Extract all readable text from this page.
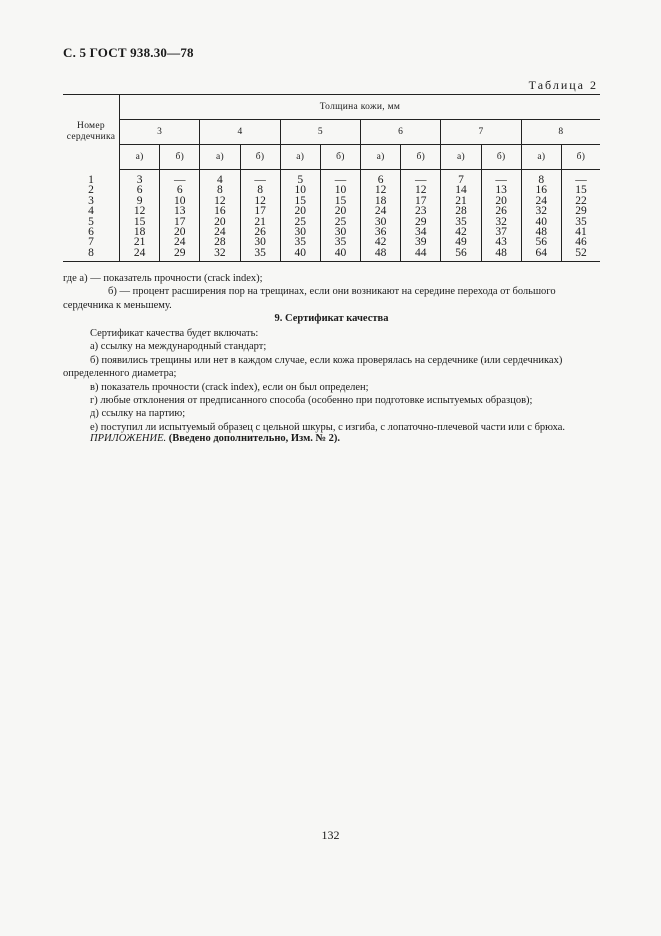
С. 5 ГОСТ 938.30—78
Таблица 2
Номер сердечника	Толщина кожи, мм											
	3		4		5		6		7		8	
	а)	б)	а)	б)	а)	б)	а)	б)	а)	б)	а)	б)
1	3	—	4	—	5	—	6	—	7	—	8	—
2	6	6	8	8	10	10	12	12	14	13	16	15
3	9	10	12	12	15	15	18	17	21	20	24	22
4	12	13	16	17	20	20	24	23	28	26	32	29
5	15	17	20	21	25	25	30	29	35	32	40	35
6	18	20	24	26	30	30	36	34	42	37	48	41
7	21	24	28	30	35	35	42	39	49	43	56	46
8	24	29	32	35	40	40	48	44	56	48	64	52

где а) — показатель прочности (crack index);

б) — процент расширения пор на трещинах, если они возникают на середине перехода от большого сердечника к меньшему.

9. Сертификат качества

Сертификат качества будет включать:

а) ссылку на международный стандарт;

б) появились трещины или нет в каждом случае, если кожа проверялась на сердечнике (или сердечниках) определенного диаметра;

в) показатель прочности (crack index), если он был определен;

г) любые отклонения от предписанного способа (особенно при подготовке испытуемых образцов);

д) ссылку на партию;

е) поступил ли испытуемый образец с цельной шкуры, с изгиба, с лопаточно-плечевой части или с брюха.

ПРИЛОЖЕНИЕ. (Введено дополнительно, Изм. № 2).
132
